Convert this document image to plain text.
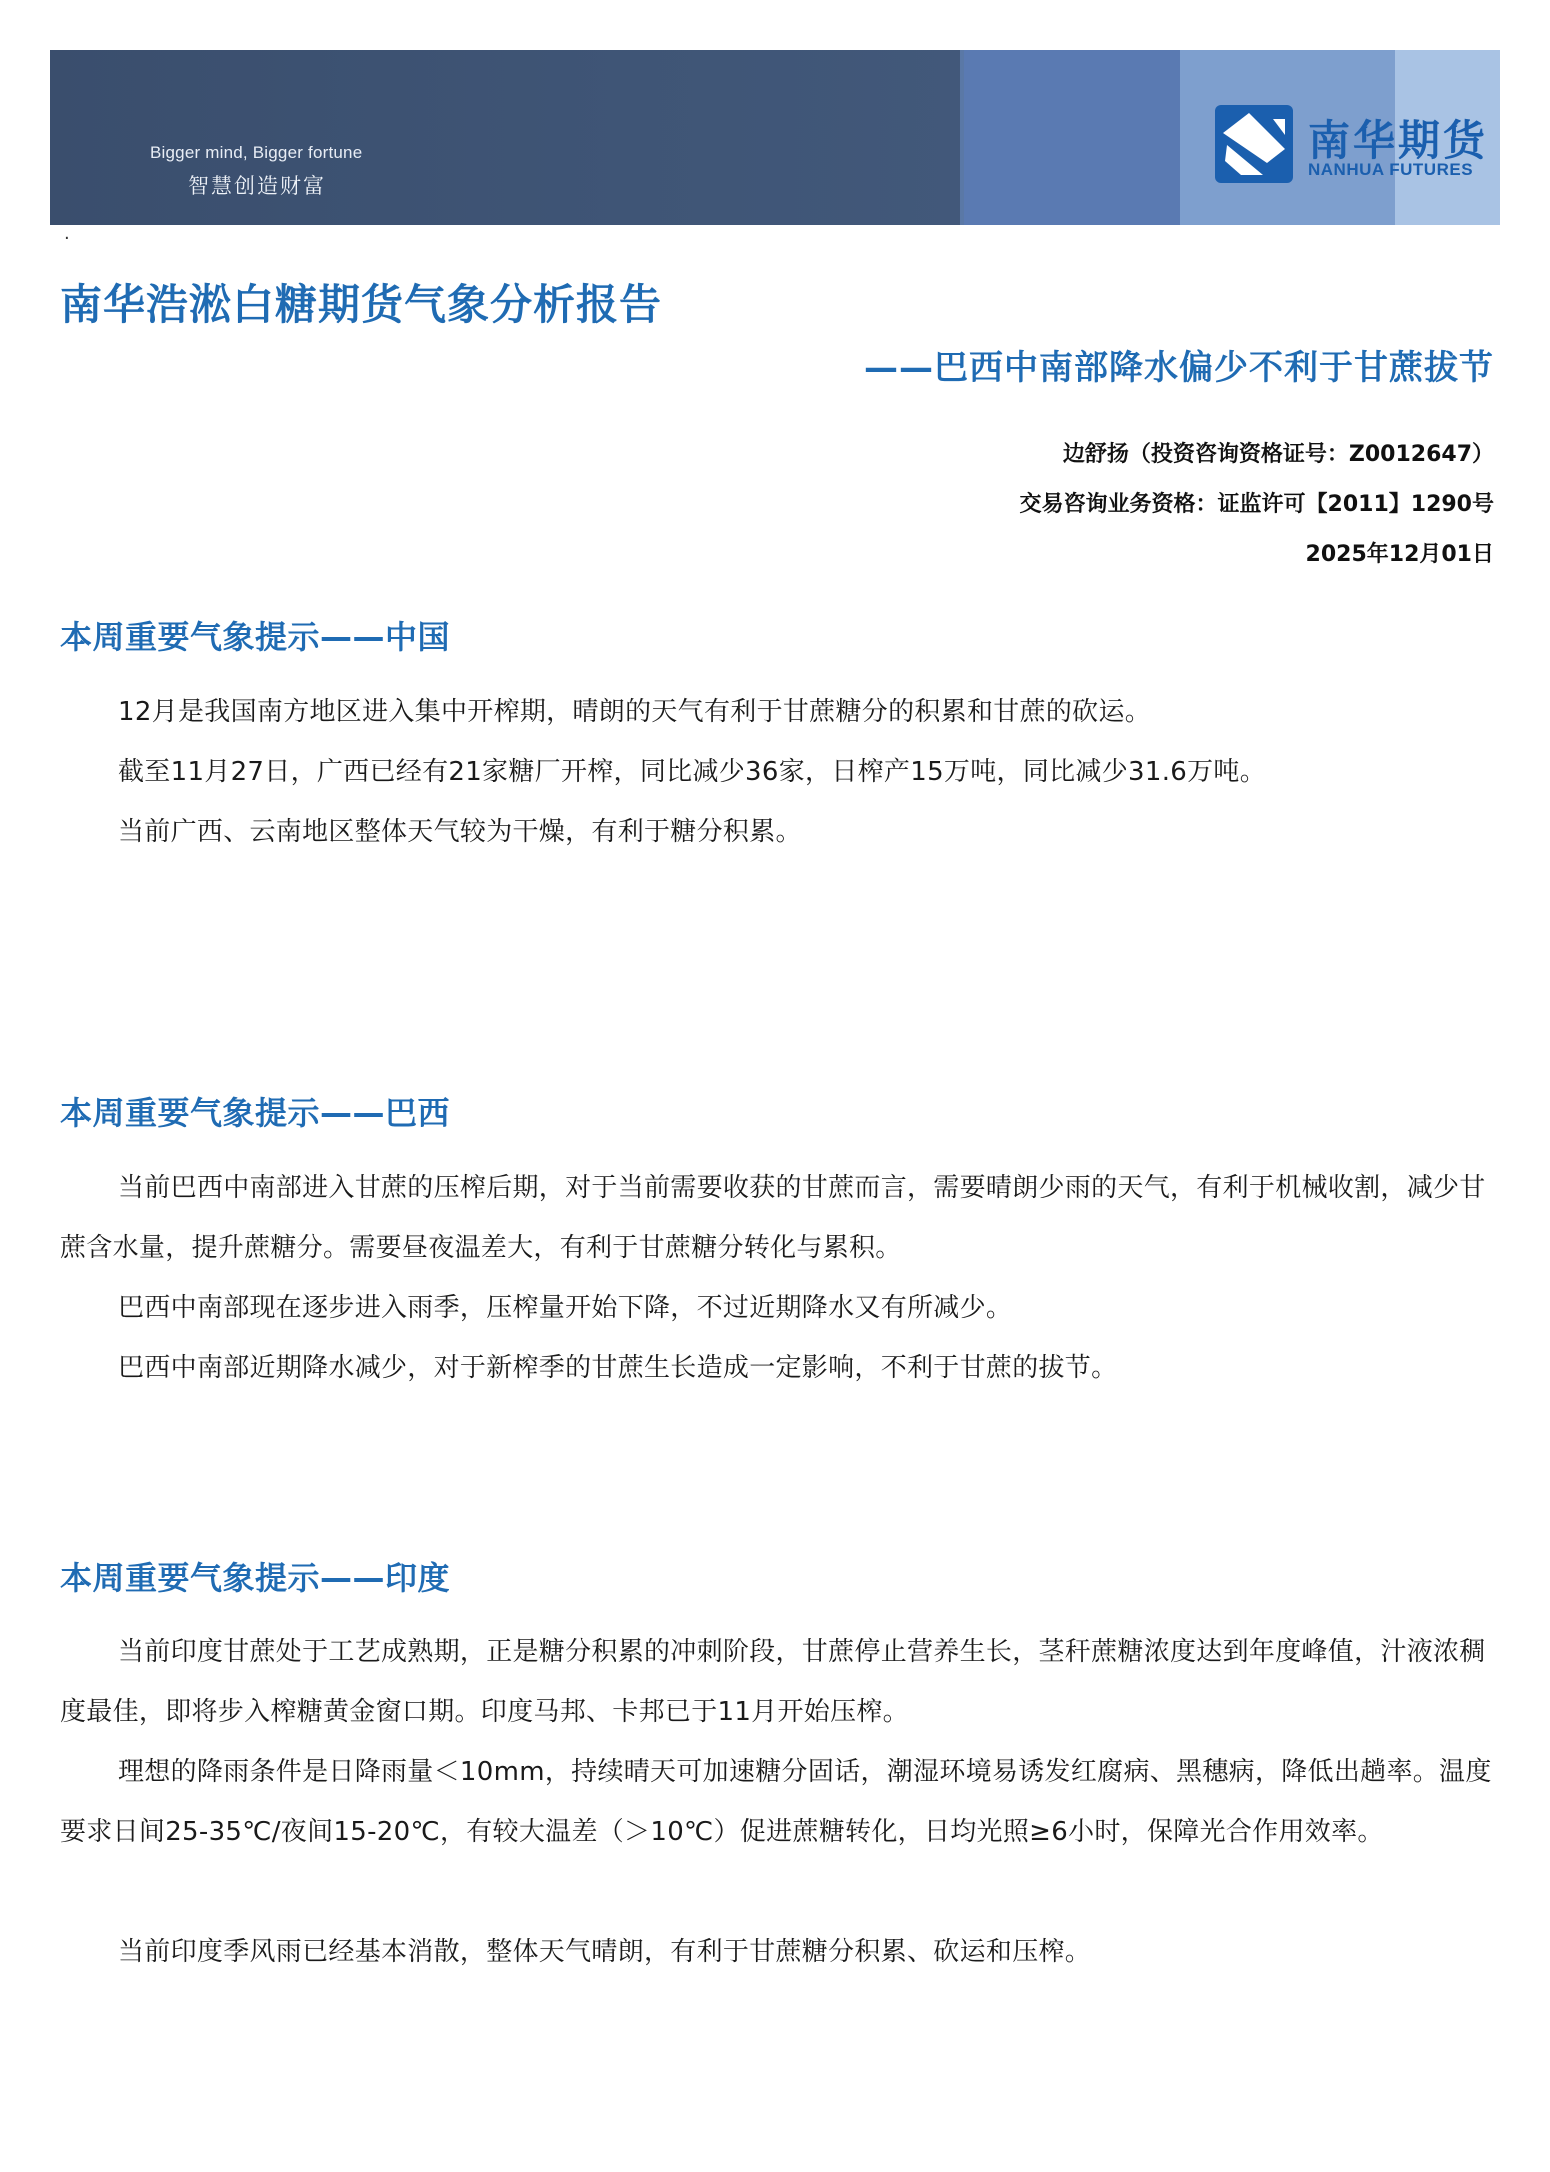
Bigger mind, Bigger fortune
智慧创造财富
南华期货
NANHUA FUTURES
·
南华浩淞白糖期货气象分析报告
——巴西中南部降水偏少不利于甘蔗拔节
边舒扬（投资咨询资格证号：Z0012647）
交易咨询业务资格：证监许可【2011】1290号
2025年12月01日
本周重要气象提示——中国

12月是我国南方地区进入集中开榨期，晴朗的天气有利于甘蔗糖分的积累和甘蔗的砍运。

截至11月27日，广西已经有21家糖厂开榨，同比减少36家，日榨产15万吨，同比减少31.6万吨。

当前广西、云南地区整体天气较为干燥，有利于糖分积累。

本周重要气象提示——巴西

当前巴西中南部进入甘蔗的压榨后期，对于当前需要收获的甘蔗而言，需要晴朗少雨的天气，有利于机械收割，减少甘蔗含水量，提升蔗糖分。需要昼夜温差大，有利于甘蔗糖分转化与累积。

巴西中南部现在逐步进入雨季，压榨量开始下降，不过近期降水又有所减少。

巴西中南部近期降水减少，对于新榨季的甘蔗生长造成一定影响，不利于甘蔗的拔节。

本周重要气象提示——印度

当前印度甘蔗处于工艺成熟期，正是糖分积累的冲刺阶段，甘蔗停止营养生长，茎秆蔗糖浓度达到年度峰值，汁液浓稠度最佳，即将步入榨糖黄金窗口期。印度马邦、卡邦已于11月开始压榨。

理想的降雨条件是日降雨量＜10mm，持续晴天可加速糖分固话，潮湿环境易诱发红腐病、黑穗病，降低出趟率。温度要求日间25-35℃/夜间15-20℃，有较大温差（＞10℃）促进蔗糖转化，日均光照≥6小时，保障光合作用效率。

当前印度季风雨已经基本消散，整体天气晴朗，有利于甘蔗糖分积累、砍运和压榨。
